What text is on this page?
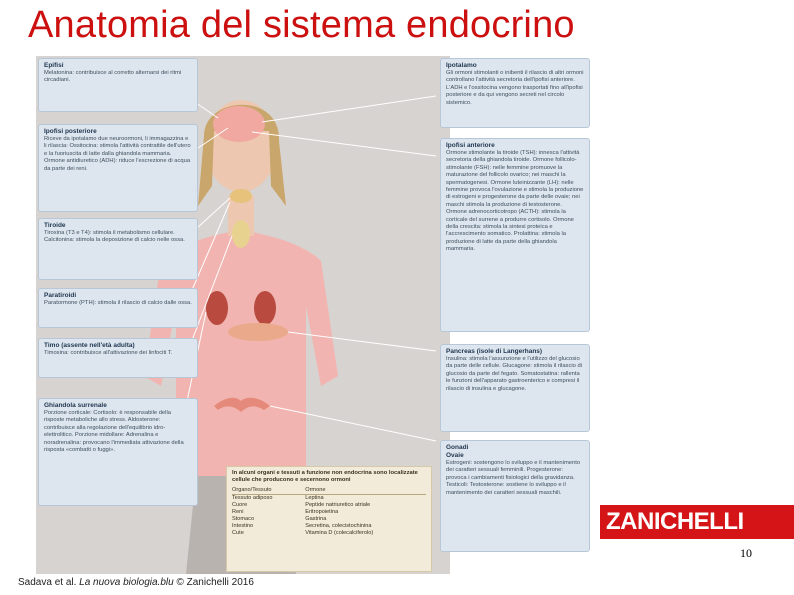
Anatomia del sistema endocrino
Epifisi
Melatonina: contribuisce al corretto alternarsi dei ritmi circadiani.
Ipofisi posteriore
Riceve da ipotalamo due neuroormoni, li immagazzina e li rilascia: Ossitocina: stimola l'attività contrattile dell'utero e la fuoriuscita di latte dalla ghiandola mammaria. Ormone antidiuretico (ADH): riduce l'escrezione di acqua da parte dei reni.
Tiroide
Tiroxina (T3 e T4): stimola il metabolismo cellulare. Calcitonina: stimola la deposizione di calcio nelle ossa.
Paratiroidi
Paratormone (PTH): stimola il rilascio di calcio dalle ossa.
Timo (assente nell'età adulta)
Timosina: contribuisce all'attivazione dei linfociti T.
Ghiandola surrenale
Porzione corticale: Cortisolo: è responsabile della risposte metaboliche allo stress. Aldosterone: contribuisce alla regolazione dell'equilibrio idro-elettrolitico. Porzione midollare: Adrenalina e noradrenalina: provocano l'immediata attivazione della risposta «combatti o fuggi».
In alcuni organi e tessuti a funzione non endocrina sono localizzate cellule che producono e secernono ormoni
Organo/Tessuto	Ormone
Tessuto adiposo	Leptina
Cuore	Peptide natriuretico atriale
Reni	Eritropoietina
Stomaco	Gastrina
Intestino	Secretina, colecistochinina
Cute	Vitamina D (colecalciferolo)
Ipotalamo
Gli ormoni stimolanti o inibenti il rilascio di altri ormoni controllano l'attività secretoria dell'ipofisi anteriore. L'ADH e l'ossitocina vengono trasportati fino all'ipofisi posteriore e da qui vengono secreti nel circolo sistemico.
Ipofisi anteriore
Ormone stimolante la tiroide (TSH): innesca l'attività secretoria della ghiandola tiroide. Ormone follicolo-stimolante (FSH): nelle femmine promuove la maturazione del follicolo ovarico; nei maschi la spermatogenesi. Ormone luteinizzante (LH): nelle femmine provoca l'ovulazione e stimola la produzione di estrogeni e progesterone da parte delle ovaie; nei maschi stimola la produzione di testosterone. Ormone adrenocorticotropo (ACTH): stimola la corticale del surrene a produrre cortisolo. Ormone della crescita: stimola la sintesi proteica e l'accrescimento somatico. Prolattina: stimola la produzione di latte da parte della ghiandola mammaria.
Pancreas (isole di Langerhans)
Insulina: stimola l'assunzione e l'utilizzo del glucosio da parte delle cellule. Glucagone: stimola il rilascio di glucosio da parte del fegato. Somatostatina: rallenta le funzioni dell'apparato gastroenterico e compresi il rilascio di insulina e glucagone.
Gonadi
Ovaie
Estrogeni: sostengono lo sviluppo e il mantenimento dei caratteri sessuali femminili. Progesterone: provoca i cambiamenti fisiologici della gravidanza. Testicoli: Testosterone: sostiene lo sviluppo e il mantenimento dei caratteri sessuali maschili.
ZANICHELLI
10
Sadava et al. La nuova biologia.blu © Zanichelli 2016
